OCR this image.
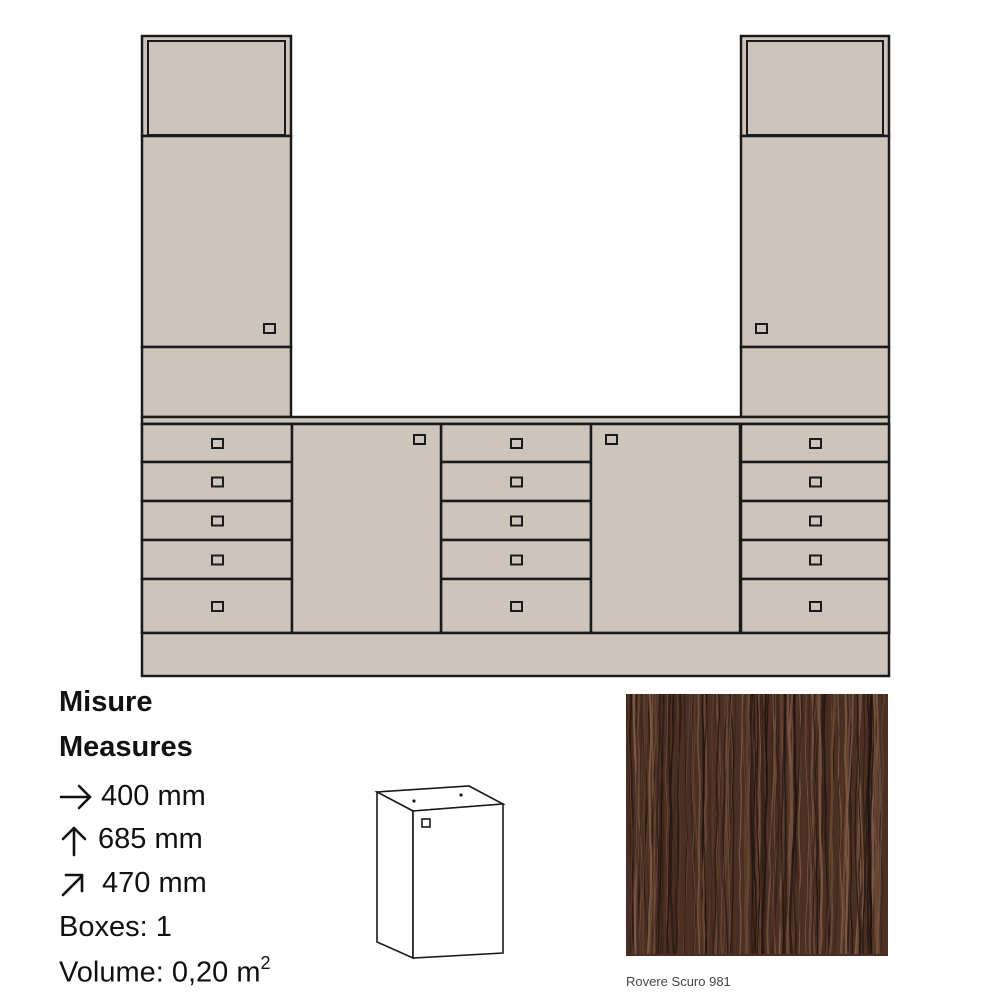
Misure
Measures
400 mm
685 mm
470 mm
Boxes: 1
Volume: 0,20 $m^2$
Rovere Scuro 981
